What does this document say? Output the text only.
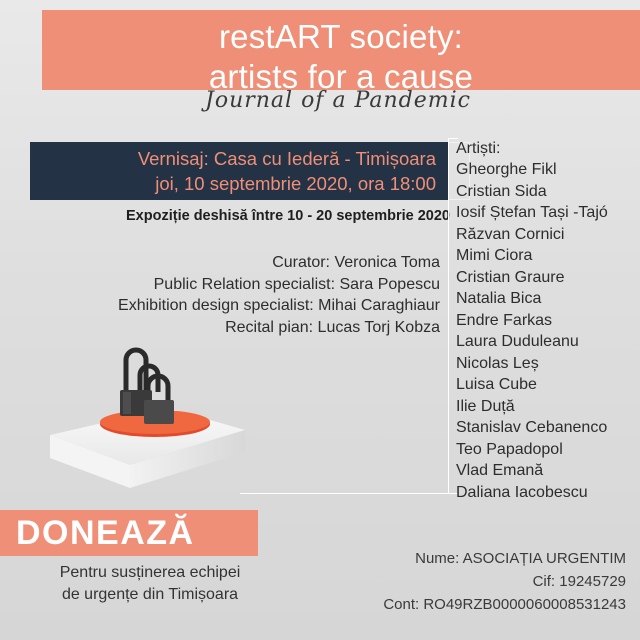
restART society:
artists for a cause
Journal of a Pandemic
Vernisaj: Casa cu Iederă - Timișoara
joi, 10 septembrie 2020, ora 18:00
Expoziție deshisă între 10 - 20 septembrie 2020
Curator: Veronica Toma
Public Relation specialist: Sara Popescu
Exhibition design specialist: Mihai Caraghiaur
Recital pian: Lucas Torj Kobza
Artiști:
Gheorghe Fikl
Cristian Sida
Iosif Ștefan Tași -Tajó
Răzvan Cornici
Mimi Ciora
Cristian Graure
Natalia Bica
Endre Farkas
Laura Duduleanu
Nicolas Leș
Luisa Cube
Ilie Duță
Stanislav Cebanenco
Teo Papadopol
Vlad Emană
Daliana Iacobescu
DONEAZĂ
Pentru susținerea echipei
de urgențe din Timișoara
Nume: ASOCIAȚIA URGENTIM
Cif: 19245729
Cont: RO49RZB0000060008531243
